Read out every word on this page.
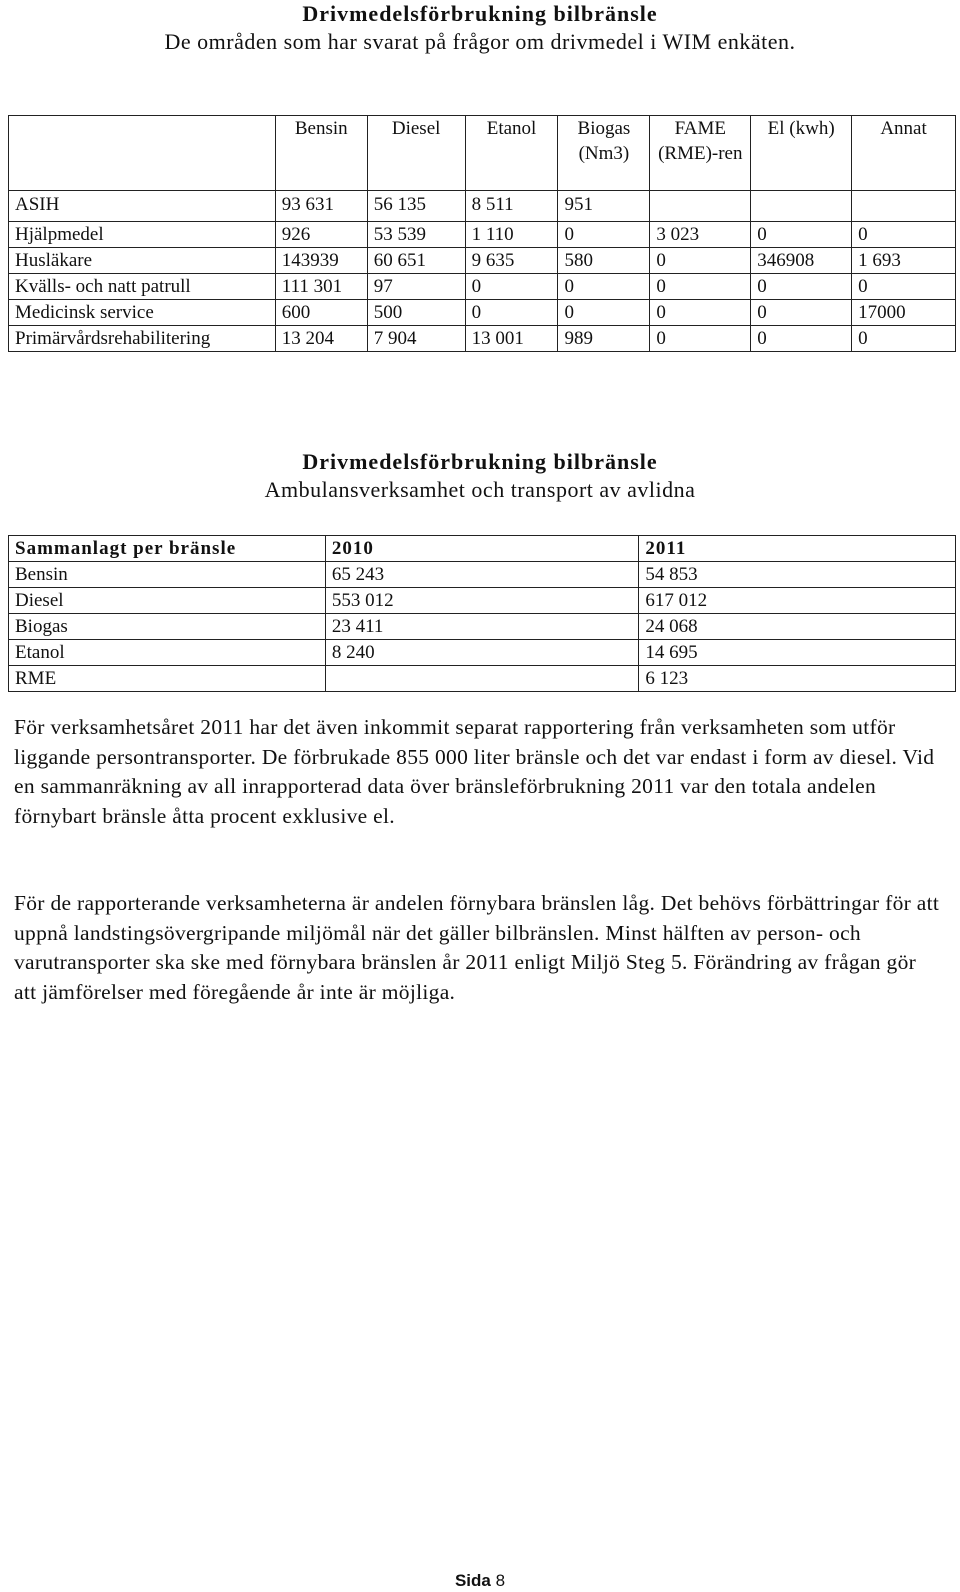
Drivmedelsförbrukning bilbränsle
De områden som har svarat på frågor om drivmedel i WIM enkäten.
	Bensin	Diesel	Etanol	Biogas (Nm3)	FAME (RME)-ren	El (kwh)	Annat
ASIH	93 631	56 135	8 511	951			
Hjälpmedel	926	53 539	1 110	0	3 023	0	0
Husläkare	143939	60 651	9 635	580	0	346908	1 693
Kvälls- och natt patrull	111 301	97	0	0	0	0	0
Medicinsk service	600	500	0	0	0	0	17000
Primärvårdsrehabilitering	13 204	7 904	13 001	989	0	0	0
Drivmedelsförbrukning bilbränsle
Ambulansverksamhet och transport av avlidna
Sammanlagt per bränsle	2010	2011
Bensin	65 243	54 853
Diesel	553 012	617 012
Biogas	23 411	24 068
Etanol	8 240	14 695
RME		6 123

För verksamhetsåret 2011 har det även inkommit separat rapportering från verksamheten som utför liggande persontransporter. De förbrukade 855 000 liter bränsle och det var endast i form av diesel. Vid en sammanräkning av all inrapporterad data över bränsleförbrukning 2011 var den totala andelen förnybart bränsle åtta procent exklusive el.

För de rapporterande verksamheterna är andelen förnybara bränslen låg. Det behövs förbättringar för att uppnå landstingsövergripande miljömål när det gäller bilbränslen. Minst hälften av person- och varutransporter ska ske med förnybara bränslen år 2011 enligt Miljö Steg 5. Förändring av frågan gör att jämförelser med föregående år inte är möjliga.

Sida 8
